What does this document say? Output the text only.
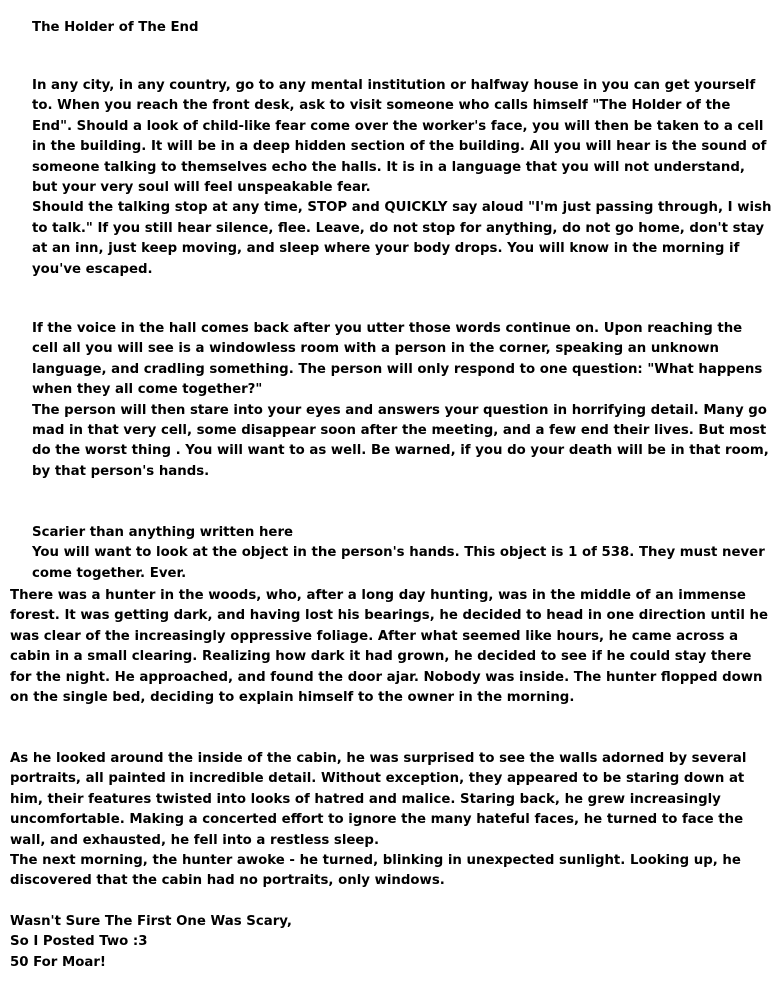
The Holder of The End

In any city, in any country, go to any mental institution or halfway house in you can get yourself to. When you reach the front desk, ask to visit someone who calls himself "The Holder of the End". Should a look of child-like fear come over the worker's face, you will then be taken to a cell in the building. It will be in a deep hidden section of the building. All you will hear is the sound of someone talking to themselves echo the halls. It is in a language that you will not understand, but your very soul will feel unspeakable fear.

Should the talking stop at any time, STOP and QUICKLY say aloud "I'm just passing through, I wish to talk." If you still hear silence, flee. Leave, do not stop for anything, do not go home, don't stay at an inn, just keep moving, and sleep where your body drops. You will know in the morning if you've escaped.

If the voice in the hall comes back after you utter those words continue on. Upon reaching the cell all you will see is a windowless room with a person in the corner, speaking an unknown language, and cradling something. The person will only respond to one question: "What happens when they all come together?"

The person will then stare into your eyes and answers your question in horrifying detail. Many go mad in that very cell, some disappear soon after the meeting, and a few end their lives. But most do the worst thing . You will want to as well. Be warned, if you do your death will be in that room, by that person's hands.

Scarier than anything written here

You will want to look at the object in the person's hands. This object is 1 of 538. They must never come together. Ever.

There was a hunter in the woods, who, after a long day hunting, was in the middle of an immense forest. It was getting dark, and having lost his bearings, he decided to head in one direction until he was clear of the increasingly oppressive foliage. After what seemed like hours, he came across a cabin in a small clearing. Realizing how dark it had grown, he decided to see if he could stay there for the night. He approached, and found the door ajar. Nobody was inside. The hunter flopped down on the single bed, deciding to explain himself to the owner in the morning.

As he looked around the inside of the cabin, he was surprised to see the walls adorned by several portraits, all painted in incredible detail. Without exception, they appeared to be staring down at him, their features twisted into looks of hatred and malice. Staring back, he grew increasingly uncomfortable. Making a concerted effort to ignore the many hateful faces, he turned to face the wall, and exhausted, he fell into a restless sleep.

The next morning, the hunter awoke - he turned, blinking in unexpected sunlight. Looking up, he discovered that the cabin had no portraits, only windows.

Wasn't Sure The First One Was Scary,
So I Posted Two :3
50 For Moar!
